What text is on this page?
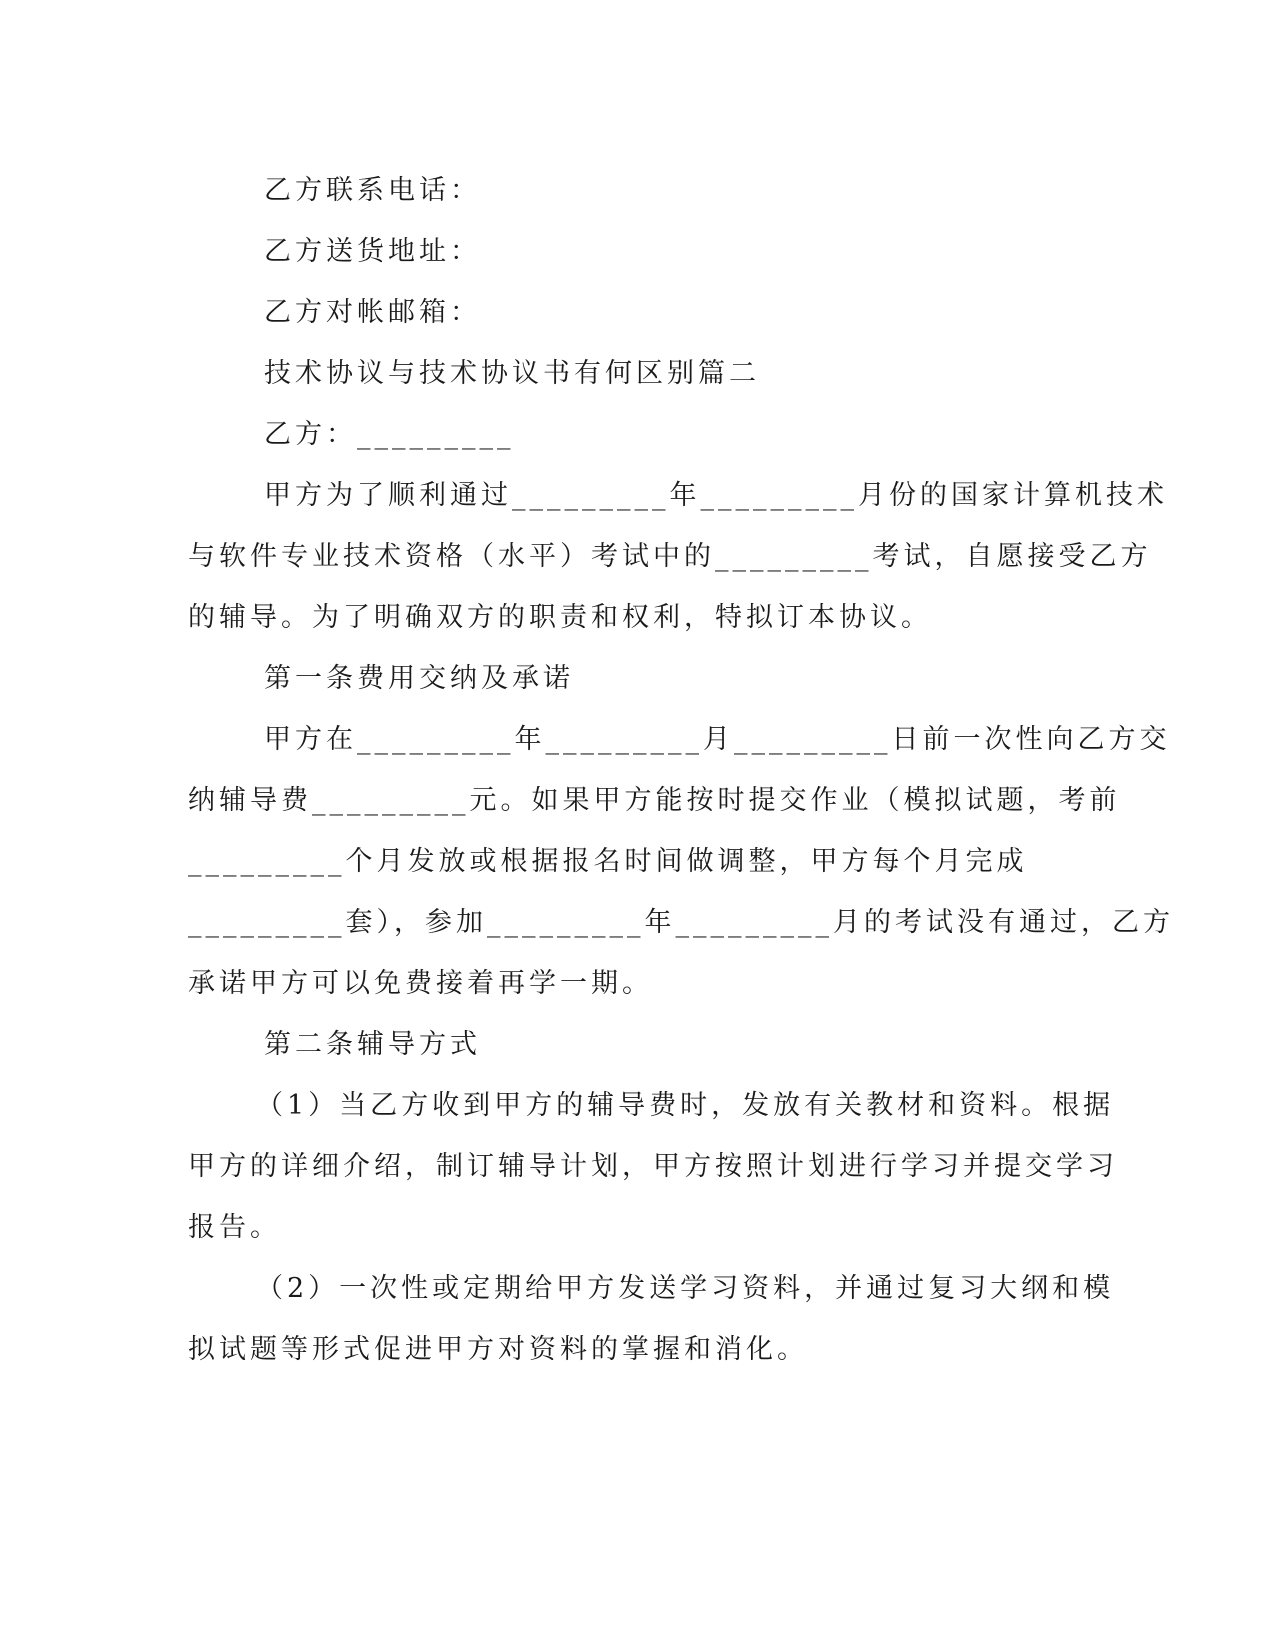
乙方联系电话：

乙方送货地址：

乙方对帐邮箱：

技术协议与技术协议书有何区别篇二

乙方：_________

甲方为了顺利通过_________年_________月份的国家计算机技术

与软件专业技术资格（水平）考试中的_________考试，自愿接受乙方

的辅导。为了明确双方的职责和权利，特拟订本协议。

第一条费用交纳及承诺

甲方在_________年_________月_________日前一次性向乙方交

纳辅导费_________元。如果甲方能按时提交作业（模拟试题，考前

_________个月发放或根据报名时间做调整，甲方每个月完成

_________套），参加_________年_________月的考试没有通过，乙方

承诺甲方可以免费接着再学一期。

第二条辅导方式

（1）当乙方收到甲方的辅导费时，发放有关教材和资料。根据

甲方的详细介绍，制订辅导计划，甲方按照计划进行学习并提交学习

报告。

（2）一次性或定期给甲方发送学习资料，并通过复习大纲和模

拟试题等形式促进甲方对资料的掌握和消化。
